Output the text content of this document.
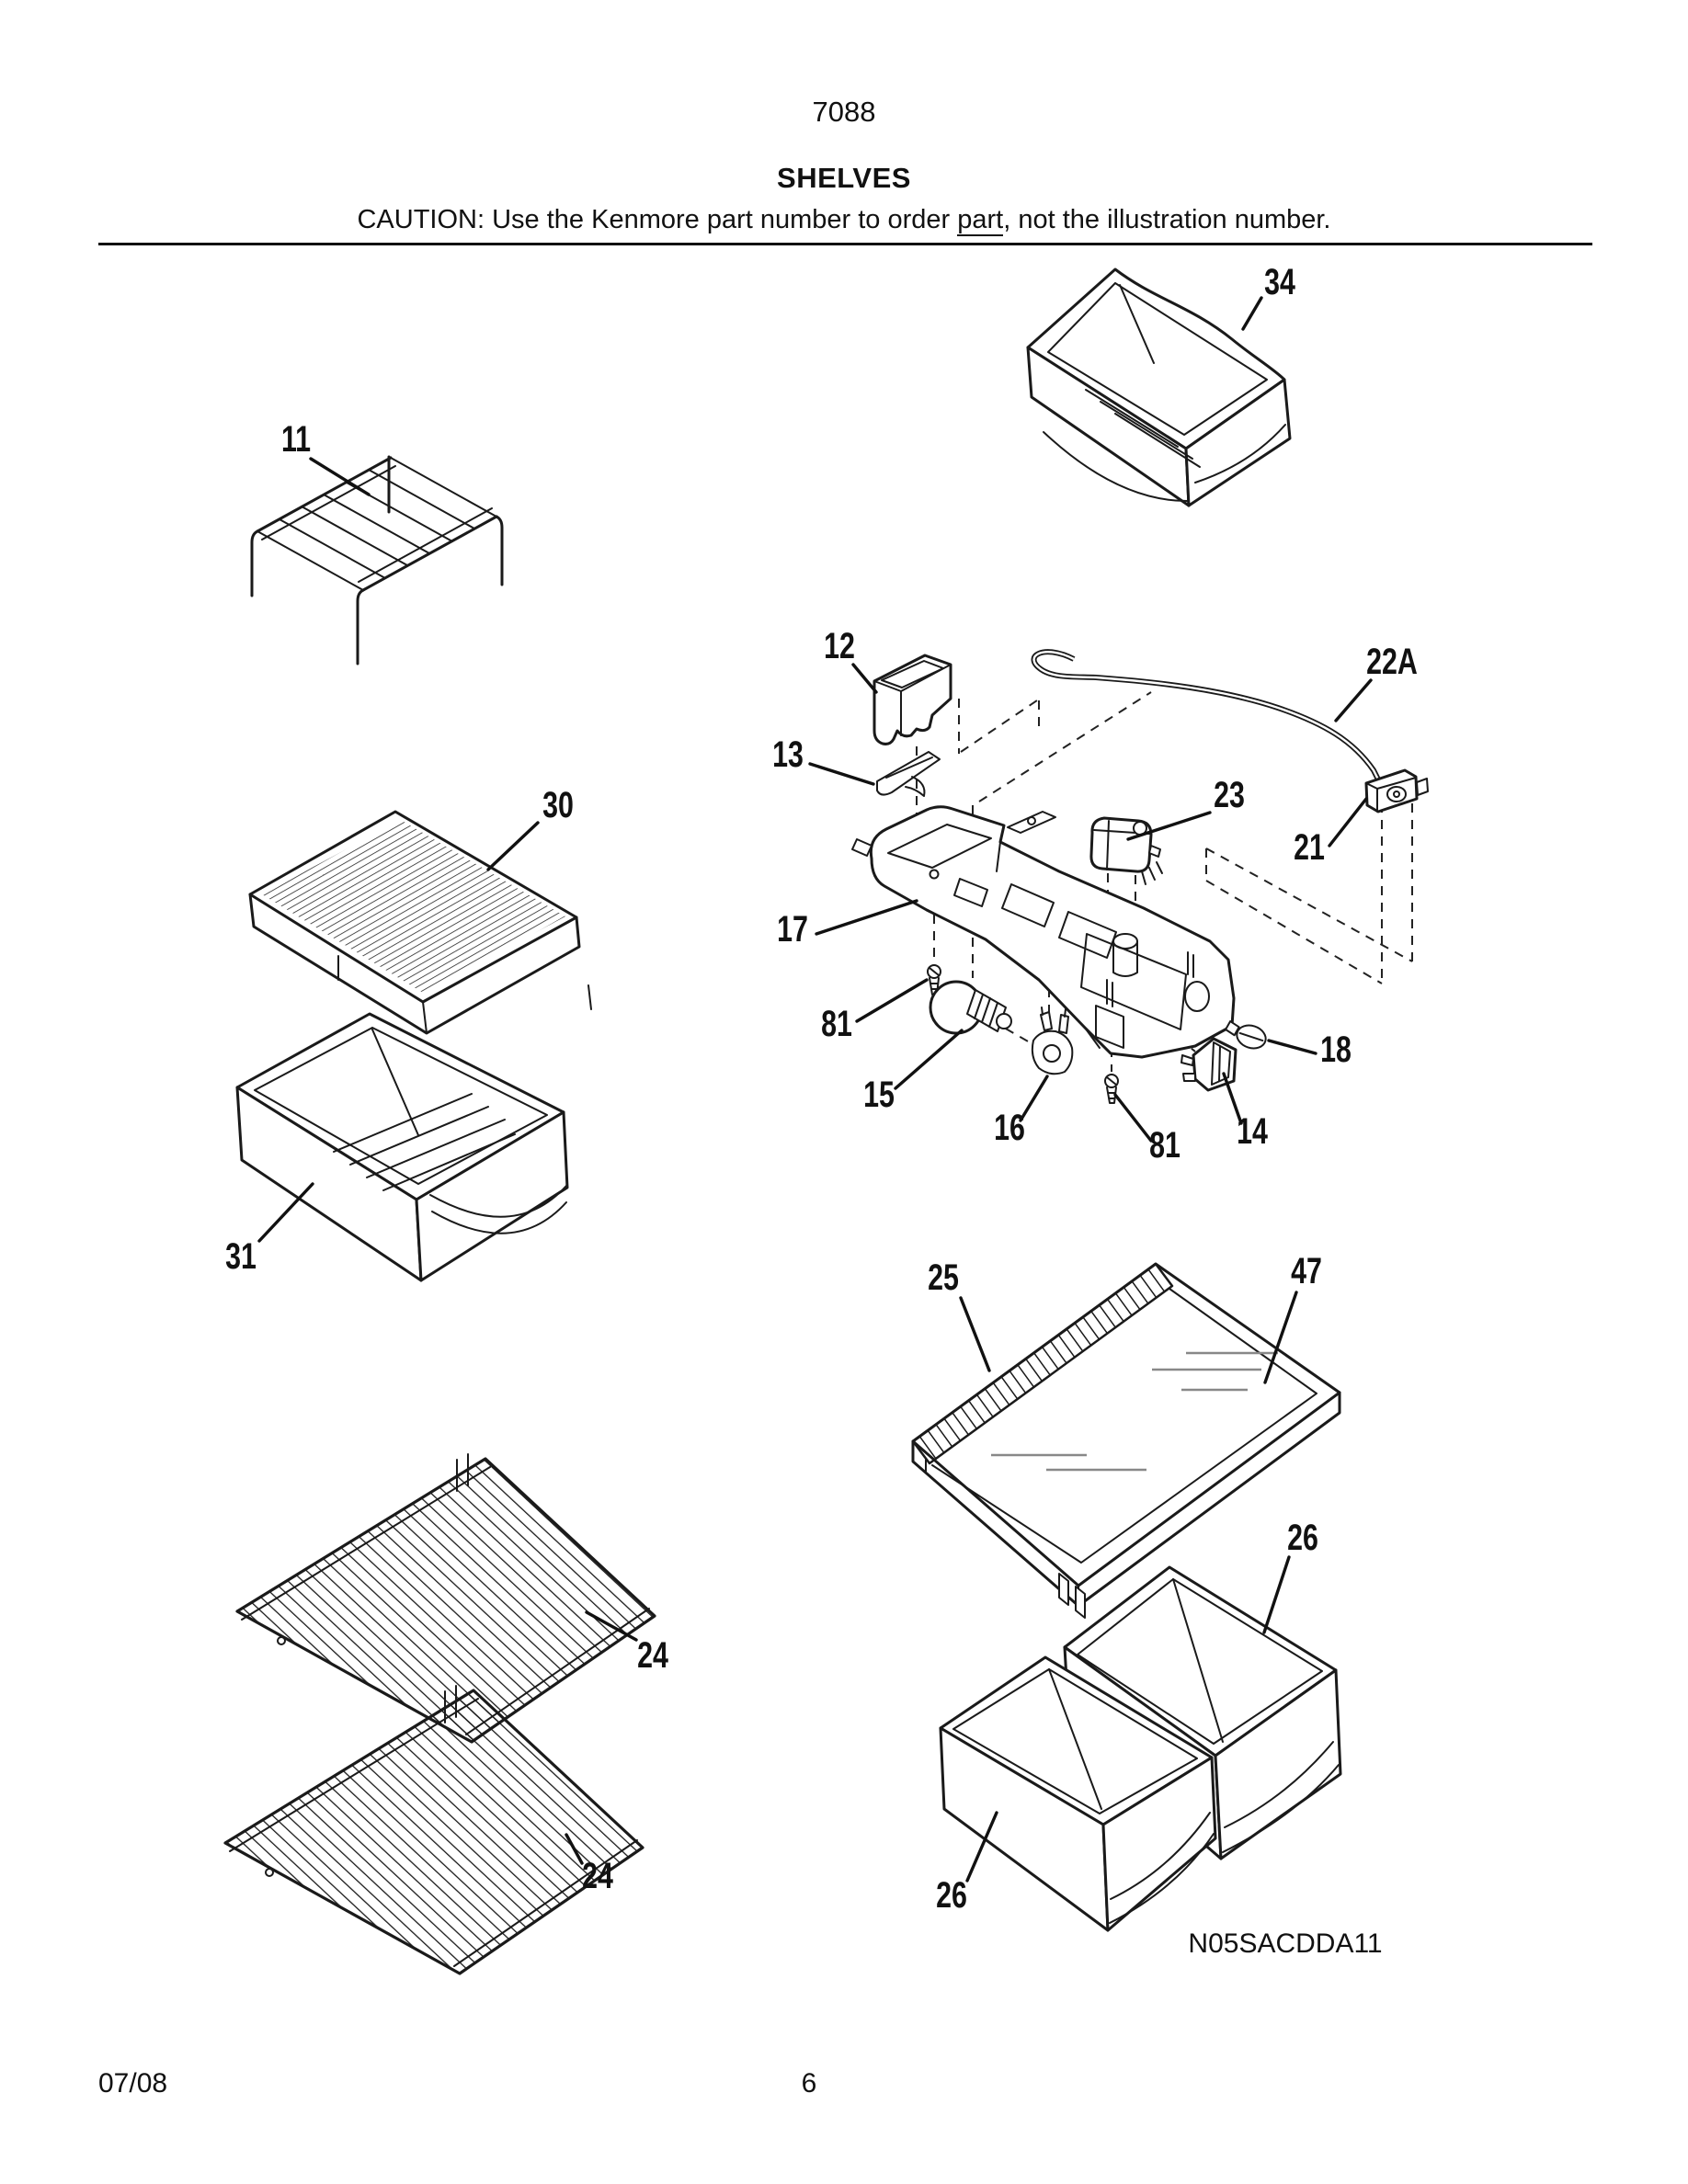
7088
SHELVES
CAUTION: Use the Kenmore part number to order part, not the illustration number.
34
11
12	22A
13
30	23
21
17
81
15
16	81 14
18
31
25	47
26
26
24
24
N05SACDDA11
07/08	6
